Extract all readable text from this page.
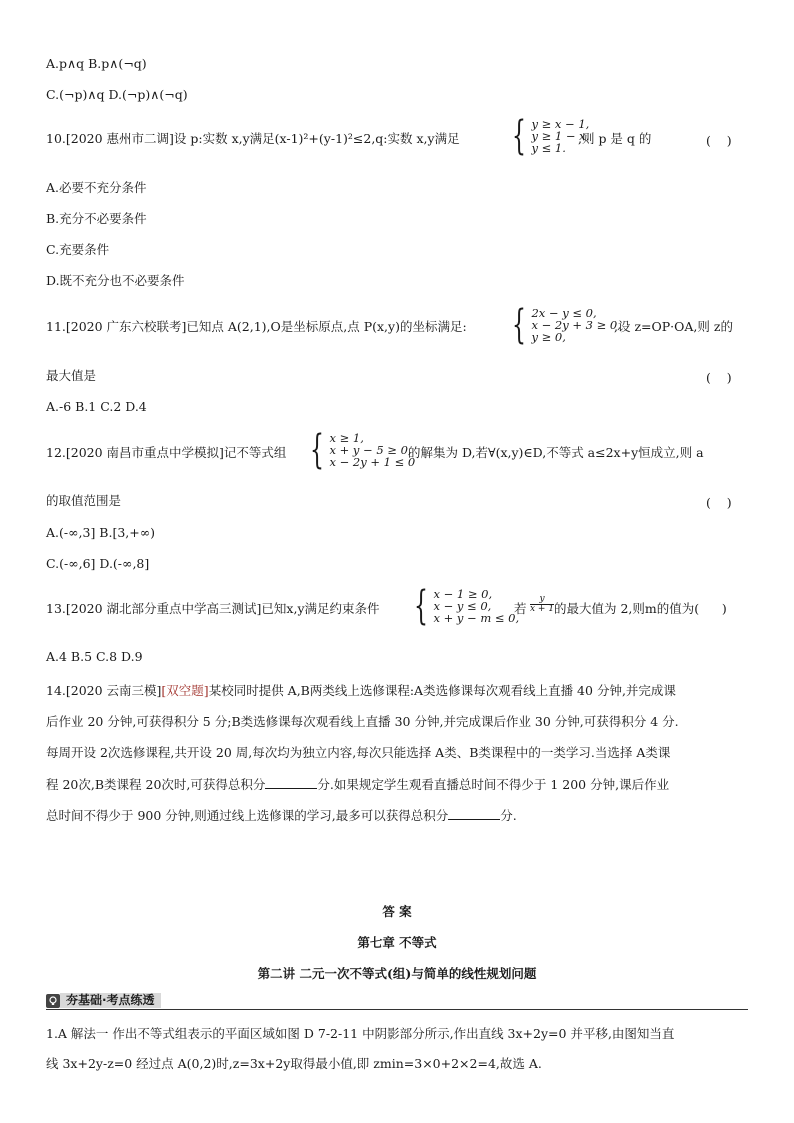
A.p∧q B.p∧(¬q)
C.(¬p)∧q D.(¬p)∧(¬q)
10.[2020 惠州市二调]设 p:实数 x,y满足(x-1)²+(y-1)²≤2,q:实数 x,y满足 { y ≥ x − 1,
y ≥ 1 − x,
y ≤ 1.
,则 p 是 q 的	(    )
A.必要不充分条件
B.充分不必要条件
C.充要条件
D.既不充分也不必要条件
11.[2020 广东六校联考]已知点 A(2,1),O是坐标原点,点 P(x,y)的坐标满足: { 2x − y ≤ 0,
x − 2y + 3 ≥ 0,
y ≥ 0,
,设 z=OP·OA,则 z的
最大值是	(    )
A.-6 B.1 C.2 D.4
12.[2020 南昌市重点中学模拟]记不等式组 { x ≥ 1,
x + y − 5 ≥ 0,
x − 2y + 1 ≤ 0
的解集为 D,若∀(x,y)∈D,不等式 a≤2x+y恒成立,则 a
的取值范围是	(    )
A.(-∞,3] B.[3,+∞)
C.(-∞,6] D.(-∞,8]
13.[2020 湖北部分重点中学高三测试]已知x,y满足约束条件 { x − 1 ≥ 0,
x − y ≤ 0,
x + y − m ≤ 0,
若 $\frac{y}{x + 1}$ 的最大值为 2,则m的值为( )
A.4 B.5 C.8 D.9
14.[2020 云南三模][双空题]某校同时提供 A,B两类线上选修课程:A类选修课每次观看线上直播 40 分钟,并完成课
后作业 20 分钟,可获得积分 5 分;B类选修课每次观看线上直播 30 分钟,并完成课后作业 30 分钟,可获得积分 4 分.
每周开设 2次选修课程,共开设 20 周,每次均为独立内容,每次只能选择 A类、B类课程中的一类学习.当选择 A类课
程 20次,B类课程 20次时,可获得总积分	分.如果规定学生观看直播总时间不得少于 1 200 分钟,课后作业
总时间不得少于 900 分钟,则通过线上选修课的学习,最多可以获得总积分	分.
答 案
第七章 不等式
第二讲 二元一次不等式(组)与简单的线性规划问题
夯基础·考点练透
1.A 解法一 作出不等式组表示的平面区域如图 D 7-2-11 中阴影部分所示,作出直线 3x+2y=0 并平移,由图知当直
线 3x+2y-z=0 经过点 A(0,2)时,z=3x+2y取得最小值,即 zmin=3×0+2×2=4,故选 A.
